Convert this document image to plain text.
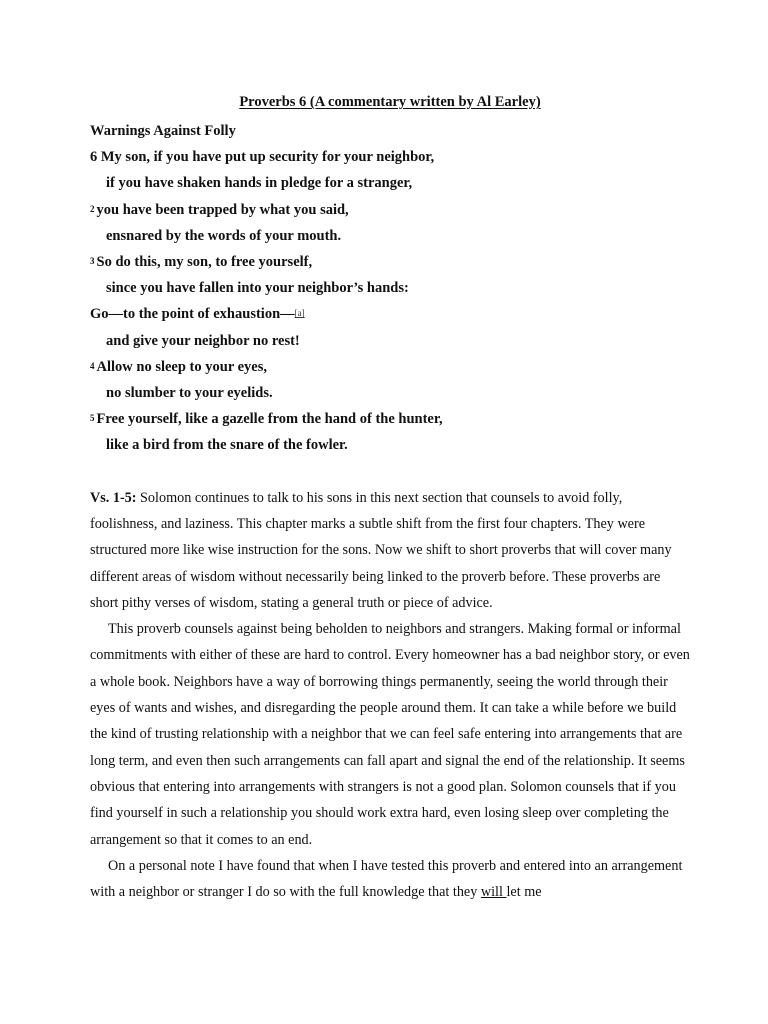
Proverbs 6 (A commentary written by Al Earley)
Warnings Against Folly
6 My son, if you have put up security for your neighbor,
if you have shaken hands in pledge for a stranger,
$^2$ you have been trapped by what you said,
ensnared by the words of your mouth.
$^3$ So do this, my son, to free yourself,
since you have fallen into your neighbor’s hands:
Go—to the point of exhaustion—[a]
and give your neighbor no rest!
$^4$ Allow no sleep to your eyes,
no slumber to your eyelids.
$^5$ Free yourself, like a gazelle from the hand of the hunter,
like a bird from the snare of the fowler.

Vs. 1-5: Solomon continues to talk to his sons in this next section that counsels to avoid folly, foolishness, and laziness. This chapter marks a subtle shift from the first four chapters. They were structured more like wise instruction for the sons. Now we shift to short proverbs that will cover many different areas of wisdom without necessarily being linked to the proverb before. These proverbs are short pithy verses of wisdom, stating a general truth or piece of advice.

This proverb counsels against being beholden to neighbors and strangers. Making formal or informal commitments with either of these are hard to control. Every homeowner has a bad neighbor story, or even a whole book. Neighbors have a way of borrowing things permanently, seeing the world through their eyes of wants and wishes, and disregarding the people around them. It can take a while before we build the kind of trusting relationship with a neighbor that we can feel safe entering into arrangements that are long term, and even then such arrangements can fall apart and signal the end of the relationship. It seems obvious that entering into arrangements with strangers is not a good plan. Solomon counsels that if you find yourself in such a relationship you should work extra hard, even losing sleep over completing the arrangement so that it comes to an end.

On a personal note I have found that when I have tested this proverb and entered into an arrangement with a neighbor or stranger I do so with the full knowledge that they will let me
